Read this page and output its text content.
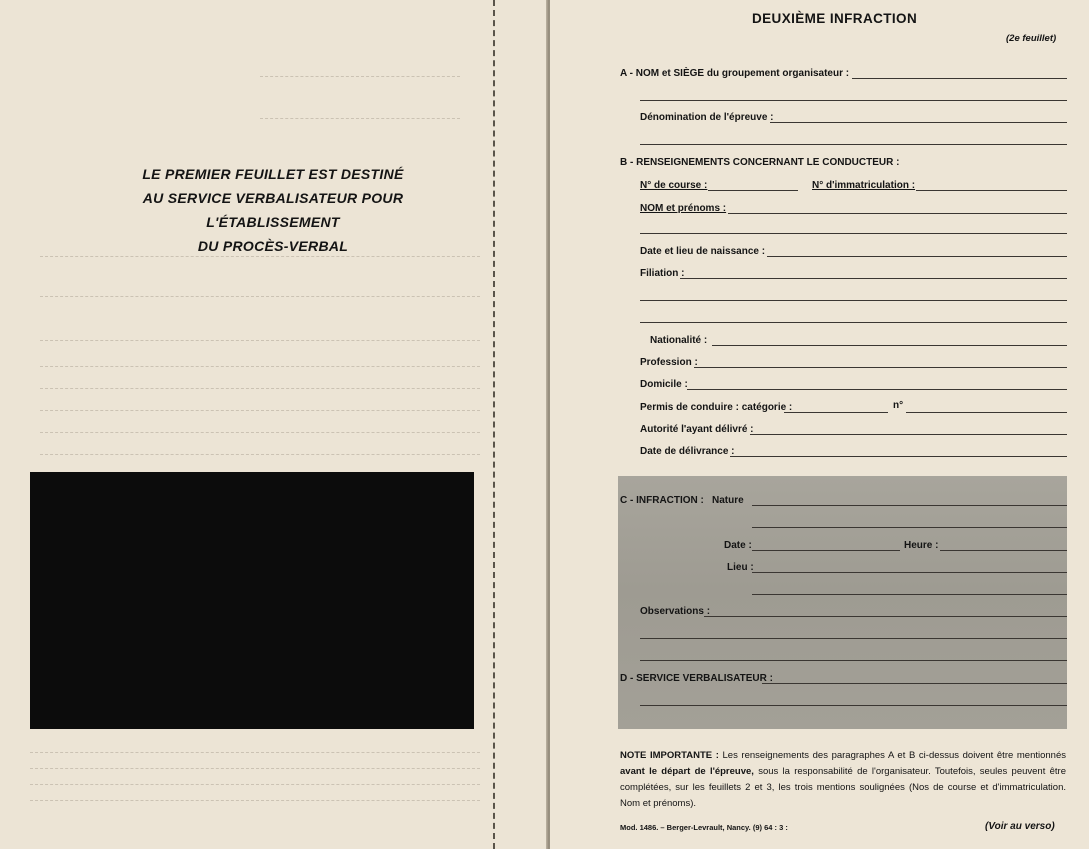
LE PREMIER FEUILLET EST DESTINÉ
AU SERVICE VERBALISATEUR POUR
L'ÉTABLISSEMENT
DU PROCÈS-VERBAL
DEUXIÈME INFRACTION
(2e feuillet)
A - NOM et SIÈGE du groupement organisateur :
Dénomination de l'épreuve :
B - RENSEIGNEMENTS CONCERNANT LE CONDUCTEUR :
N° de course :	N° d'immatriculation :
NOM et prénoms :
Date et lieu de naissance :
Filiation :
Nationalité :
Profession :
Domicile :
Permis de conduire : catégorie :	n°
Autorité l'ayant délivré :
Date de délivrance :
C - INFRACTION : Nature
Date :	Heure :
Lieu :
Observations :
D - SERVICE VERBALISATEUR :
NOTE IMPORTANTE : Les renseignements des paragraphes A et B ci-dessus doivent être mentionnés avant le départ de l'épreuve, sous la responsabilité de l'organisateur. Toutefois, seules peuvent être complétées, sur les feuillets 2 et 3, les trois mentions soulignées (Nos de course et d'immatriculation. Nom et prénoms).
Mod. 1486. – Berger-Levrault, Nancy. (9) 64 : 3 :	(Voir au verso)
